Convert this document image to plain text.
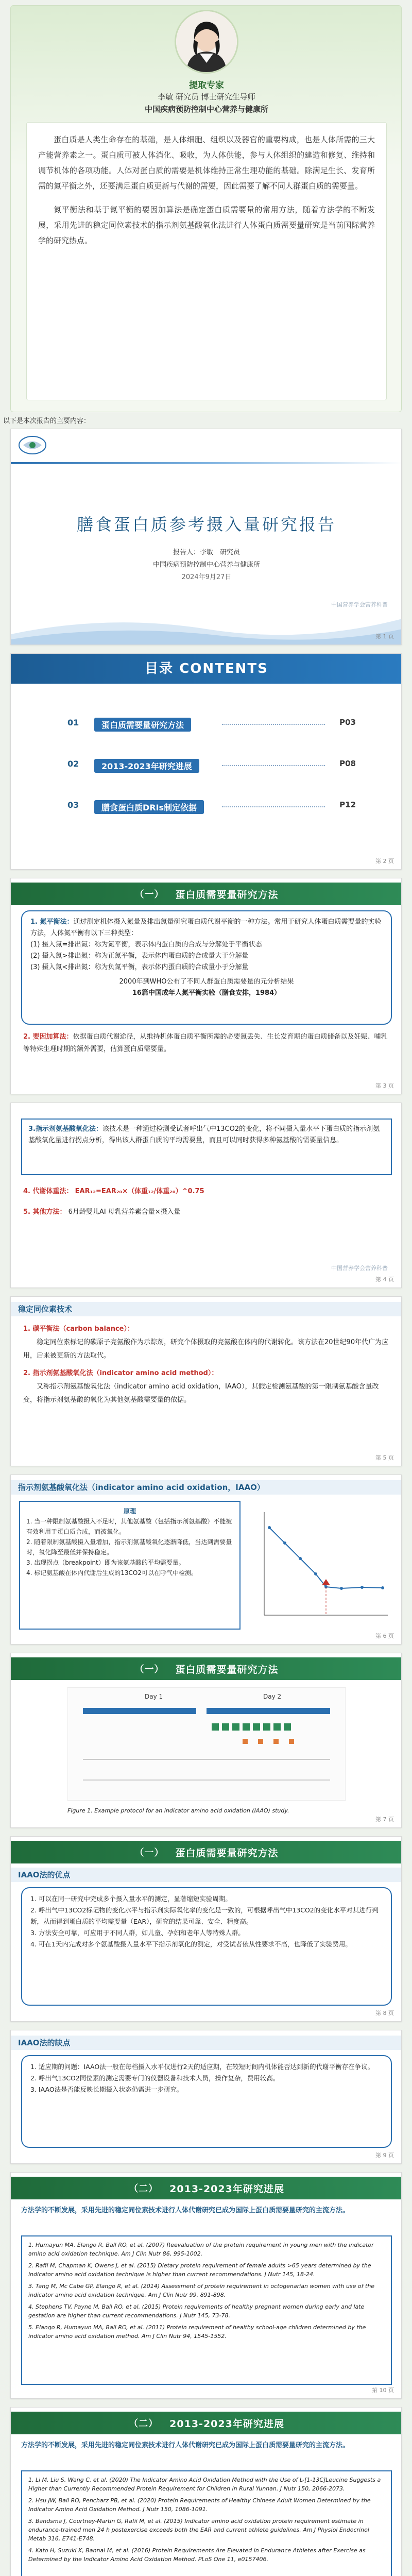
提取专家
李敏 研究员 博士研究生导师
中国疾病预防控制中心营养与健康所

蛋白质是人类生命存在的基础，是人体细胞、组织以及器官的重要构成，也是人体所需的三大产能营养素之一。蛋白质可被人体消化、吸收，为人体供能，参与人体组织的建造和修复、维持和调节机体的各项功能。人体对蛋白质的需要是机体维持正常生理功能的基础。除满足生长、发育所需的氮平衡之外，还要满足蛋白质更新与代谢的需要，因此需要了解不同人群蛋白质的需要量。

氮平衡法和基于氮平衡的要因加算法是确定蛋白质需要量的常用方法，随着方法学的不断发展，采用先进的稳定同位素技术的指示剂氨基酸氧化法进行人体蛋白质需要量研究是当前国际营养学的研究热点。

以下是本次报告的主要内容：
膳食蛋白质参考摄入量研究报告
报告人：李敏　研究员
中国疾病预防控制中心营养与健康所
2024年9月27日
中国营养学会营养科普
第 1 页
目录 CONTENTS
01	蛋白质需要量研究方法	P03
02	2013-2023年研究进展	P08
03	膳食蛋白质DRIs制定依据	P12
第 2 页
（一） 蛋白质需要量研究方法
1. 氮平衡法：通过测定机体摄入氮量及排出氮量研究蛋白质代谢平衡的一种方法。常用于研究人体蛋白质需要量的实验方法，人体氮平衡有以下三种类型：
(1) 摄入氮=排出氮：称为氮平衡，表示体内蛋白质的合成与分解处于平衡状态
(2) 摄入氮>排出氮：称为正氮平衡，表示体内蛋白质的合成量大于分解量
(3) 摄入氮<排出氮：称为负氮平衡，表示体内蛋白质的合成量小于分解量
2000年到WHO公布了不同人群蛋白质需要量的元分析结果
16篇中国成年人氮平衡实验（膳食安排，1984）
2. 要因加算法：依据蛋白质代谢途径，从维持机体蛋白质平衡所需的必要氮丢失、生长发育期的蛋白质储备以及妊娠、哺乳等特殊生理时期的额外需要，估算蛋白质需要量。
第 3 页
3.指示剂氨基酸氧化法：该技术是一种通过检测受试者呼出气中13CO2的变化，将不同摄入量水平下蛋白质的指示剂氨基酸氧化量进行拐点分析，得出该人群蛋白质的平均需要量，而且可以同时获得多种氨基酸的需要量信息。
4. 代谢体重法： EAR₁₂=EAR₂₀×（体重₁₂/体重₂₀）^0.75
5. 其他方法： 6月龄婴儿AI 母乳营养素含量×摄入量
中国营养学会营养科普
第 4 页
稳定同位素技术
1. 碳平衡法（carbon balance）：
稳定同位素标记的碳原子亮氨酸作为示踪剂，研究个体摄取的亮氨酸在体内的代谢转化。该方法在20世纪90年代广为应用，后来被更新的方法取代。
2. 指示剂氨基酸氧化法（indicator amino acid method）：
又称指示剂氨基酸氧化法（indicator amino acid oxidation，IAAO），其假定检测氨基酸的第一限制氨基酸含量改变，将指示剂氨基酸的氧化为其他氨基酸需要量的依据。
第 5 页
指示剂氨基酸氧化法（indicator amino acid oxidation，IAAO）
原理
1. 当一种限制氨基酸摄入不足时，其他氨基酸（包括指示剂氨基酸）不能被有效利用于蛋白质合成，而被氧化。
2. 随着限制氨基酸摄入量增加，指示剂氨基酸氧化逐渐降低，当达到需要量时，氧化降至最低并保持稳定。
3. 出现拐点（breakpoint）即为该氨基酸的平均需要量。
4. 标记氨基酸在体内代谢后生成的13CO2可以在呼气中检测。
第 6 页
（一） 蛋白质需要量研究方法
Day 1	Day 2
Figure 1. Example protocol for an indicator amino acid oxidation (IAAO) study.
第 7 页
（一） 蛋白质需要量研究方法
IAAO法的优点
1. 可以在同一研究中完成多个摄入量水平的测定，显著缩短实验周期。
2. 呼出气中13CO2标记物的变化水平与指示剂实际氧化率的变化是一致的，可根据呼出气中13CO2的变化水平对其进行判断，从而得到蛋白质的平均需要量（EAR），研究的结果可靠、安全、精度高。
3. 方法安全可靠，可应用于不同人群，如儿童、孕妇和老年人等特殊人群。
4. 可在1天内完成对多个氨基酸摄入量水平下指示剂氧化的测定，对受试者依从性要求不高，也降低了实验费用。
第 8 页
IAAO法的缺点
1. 适应期的问题：IAAO法一般在每档摄入水平仅进行2天的适应期，在较短时间内机体能否达到新的代谢平衡存在争议。
2. 呼出气13CO2同位素的测定需要专门的仪器设备和技术人员，操作复杂，费用较高。
3. IAAO法是否能反映长期摄入状态仍需进一步研究。
第 9 页
（二） 2013-2023年研究进展
方法学的不断发展，采用先进的稳定同位素技术进行人体代谢研究已成为国际上蛋白质需要量研究的主流方法。
1. Humayun MA, Elango R, Ball RO, et al. (2007) Reevaluation of the protein requirement in young men with the indicator amino acid oxidation technique. Am J Clin Nutr 86, 995-1002.
2. Rafii M, Chapman K, Owens J, et al. (2015) Dietary protein requirement of female adults >65 years determined by the indicator amino acid oxidation technique is higher than current recommendations. J Nutr 145, 18-24.
3. Tang M, Mc Cabe GP, Elango R, et al. (2014) Assessment of protein requirement in octogenarian women with use of the indicator amino acid oxidation technique. Am J Clin Nutr 99, 891-898.
4. Stephens TV, Payne M, Ball RO, et al. (2015) Protein requirements of healthy pregnant women during early and late gestation are higher than current recommendations. J Nutr 145, 73-78.
5. Elango R, Humayun MA, Ball RO, et al. (2011) Protein requirement of healthy school-age children determined by the indicator amino acid oxidation method. Am J Clin Nutr 94, 1545-1552.
第 10 页
（二） 2013-2023年研究进展
方法学的不断发展，采用先进的稳定同位素技术进行人体代谢研究已成为国际上蛋白质需要量研究的主流方法。
1. Li M, Liu S, Wang C, et al. (2020) The Indicator Amino Acid Oxidation Method with the Use of L-[1-13C]Leucine Suggests a Higher than Currently Recommended Protein Requirement for Children in Rural Yunnan. J Nutr 150, 2066-2073.
2. Hsu JW, Ball RO, Pencharz PB, et al. (2020) Protein Requirements of Healthy Chinese Adult Women Determined by the Indicator Amino Acid Oxidation Method. J Nutr 150, 1086-1091.
3. Bandsma J, Courtney-Martin G, Rafii M, et al. (2015) Indicator amino acid oxidation protein requirement estimate in endurance-trained men 24 h postexercise exceeds both the EAR and current athlete guidelines. Am J Physiol Endocrinol Metab 316, E741-E748.
4. Kato H, Suzuki K, Bannai M, et al. (2016) Protein Requirements Are Elevated in Endurance Athletes after Exercise as Determined by the Indicator Amino Acid Oxidation Method. PLoS One 11, e0157406.
